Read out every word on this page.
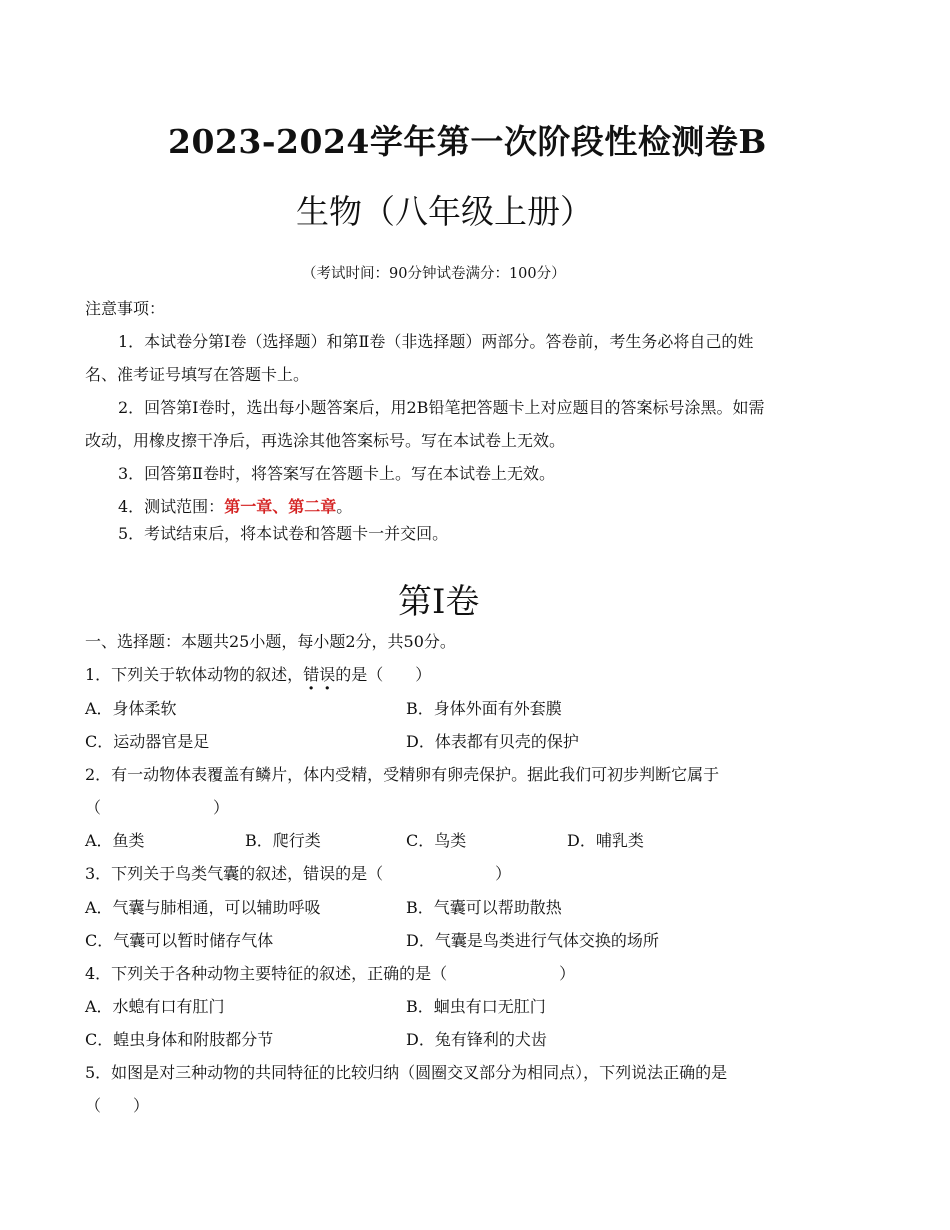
2023-2024学年第一次阶段性检测卷B
生物（八年级上册）
（考试时间：90分钟试卷满分：100分）
注意事项：
1．本试卷分第Ⅰ卷（选择题）和第Ⅱ卷（非选择题）两部分。答卷前，考生务必将自己的姓
名、准考证号填写在答题卡上。
2．回答第Ⅰ卷时，选出每小题答案后，用2B铅笔把答题卡上对应题目的答案标号涂黑。如需
改动，用橡皮擦干净后，再选涂其他答案标号。写在本试卷上无效。
3．回答第Ⅱ卷时，将答案写在答题卡上。写在本试卷上无效。
4．测试范围：第一章、第二章。
5．考试结束后，将本试卷和答题卡一并交回。
第Ⅰ卷
一、选择题：本题共25小题，每小题2分，共50分。
1．下列关于软体动物的叙述，错误的是（　　）
A．身体柔软	B．身体外面有外套膜
C．运动器官是足	D．体表都有贝壳的保护
2．有一动物体表覆盖有鳞片，体内受精，受精卵有卵壳保护。据此我们可初步判断它属于
（　　　　　　　）
A．鱼类	B．爬行类	C．鸟类	D．哺乳类
3．下列关于鸟类气囊的叙述，错误的是（　　　　　　　）
A．气囊与肺相通，可以辅助呼吸	B．气囊可以帮助散热
C．气囊可以暂时储存气体	D．气囊是鸟类进行气体交换的场所
4．下列关于各种动物主要特征的叙述，正确的是（　　　　　　　）
A．水螅有口有肛门	B．蛔虫有口无肛门
C．蝗虫身体和附肢都分节	D．兔有锋利的犬齿
5．如图是对三种动物的共同特征的比较归纳（圆圈交叉部分为相同点），下列说法正确的是
（　　）
